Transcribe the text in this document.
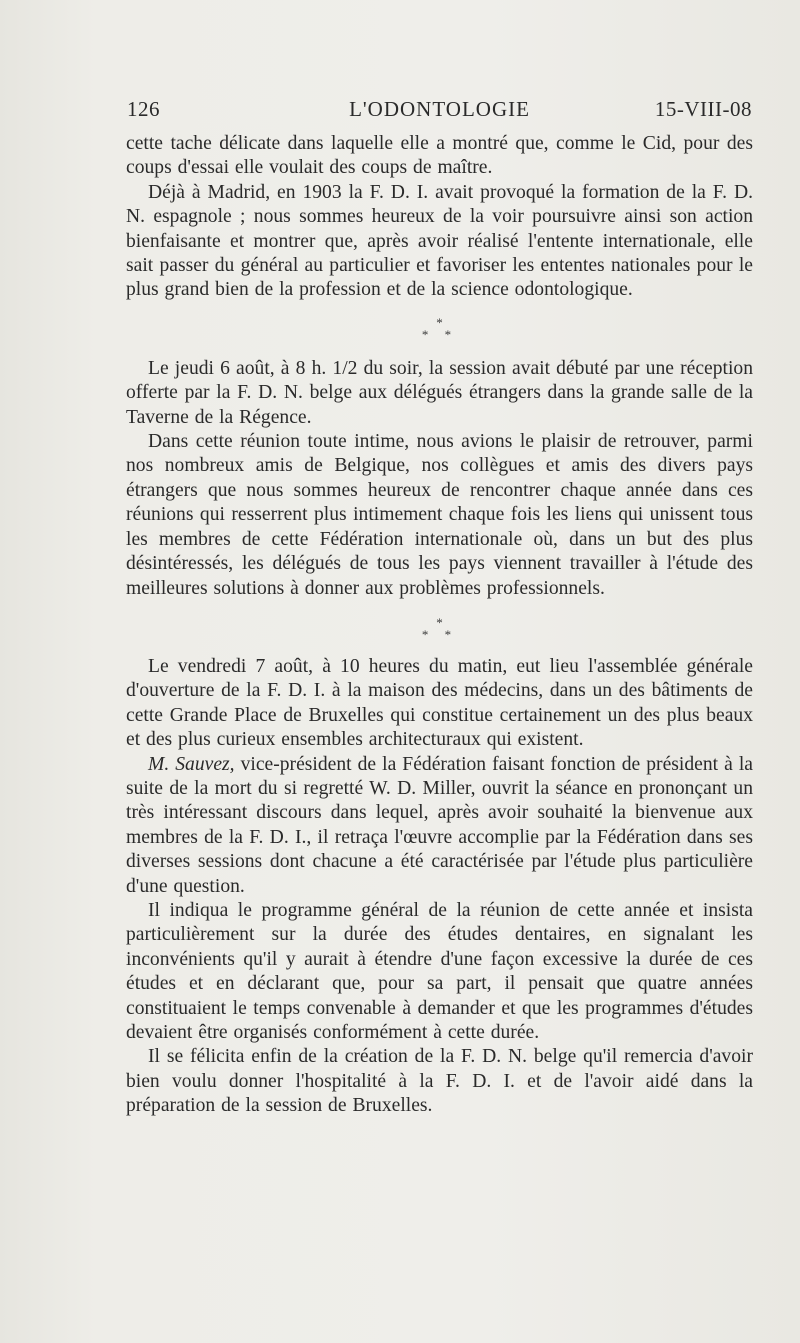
126	L'ODONTOLOGIE	15-VIII-08

cette tache délicate dans laquelle elle a montré que, comme le Cid, pour des coups d'essai elle voulait des coups de maître.

Déjà à Madrid, en 1903 la F. D. I. avait provoqué la formation de la F. D. N. espagnole ; nous sommes heureux de la voir poursuivre ainsi son action bienfaisante et montrer que, après avoir réalisé l'entente internationale, elle sait passer du général au particulier et favoriser les ententes nationales pour le plus grand bien de la profession et de la science odontologique.

*
* *

Le jeudi 6 août, à 8 h. 1/2 du soir, la session avait débuté par une réception offerte par la F. D. N. belge aux délégués étrangers dans la grande salle de la Taverne de la Régence.

Dans cette réunion toute intime, nous avions le plaisir de retrouver, parmi nos nombreux amis de Belgique, nos collègues et amis des divers pays étrangers que nous sommes heureux de rencontrer chaque année dans ces réunions qui resserrent plus intimement chaque fois les liens qui unissent tous les membres de cette Fédération internationale où, dans un but des plus désintéressés, les délégués de tous les pays viennent travailler à l'étude des meilleures solutions à donner aux problèmes professionnels.

*
* *

Le vendredi 7 août, à 10 heures du matin, eut lieu l'assemblée générale d'ouverture de la F. D. I. à la maison des médecins, dans un des bâtiments de cette Grande Place de Bruxelles qui constitue certainement un des plus beaux et des plus curieux ensembles architecturaux qui existent.

M. Sauvez, vice-président de la Fédération faisant fonction de président à la suite de la mort du si regretté W. D. Miller, ouvrit la séance en prononçant un très intéressant discours dans lequel, après avoir souhaité la bienvenue aux membres de la F. D. I., il retraça l'œuvre accomplie par la Fédération dans ses diverses sessions dont chacune a été caractérisée par l'étude plus particulière d'une question.

Il indiqua le programme général de la réunion de cette année et insista particulièrement sur la durée des études dentaires, en signalant les inconvénients qu'il y aurait à étendre d'une façon excessive la durée de ces études et en déclarant que, pour sa part, il pensait que quatre années constituaient le temps convenable à demander et que les programmes d'études devaient être organisés conformément à cette durée.

Il se félicita enfin de la création de la F. D. N. belge qu'il remercia d'avoir bien voulu donner l'hospitalité à la F. D. I. et de l'avoir aidé dans la préparation de la session de Bruxelles.
